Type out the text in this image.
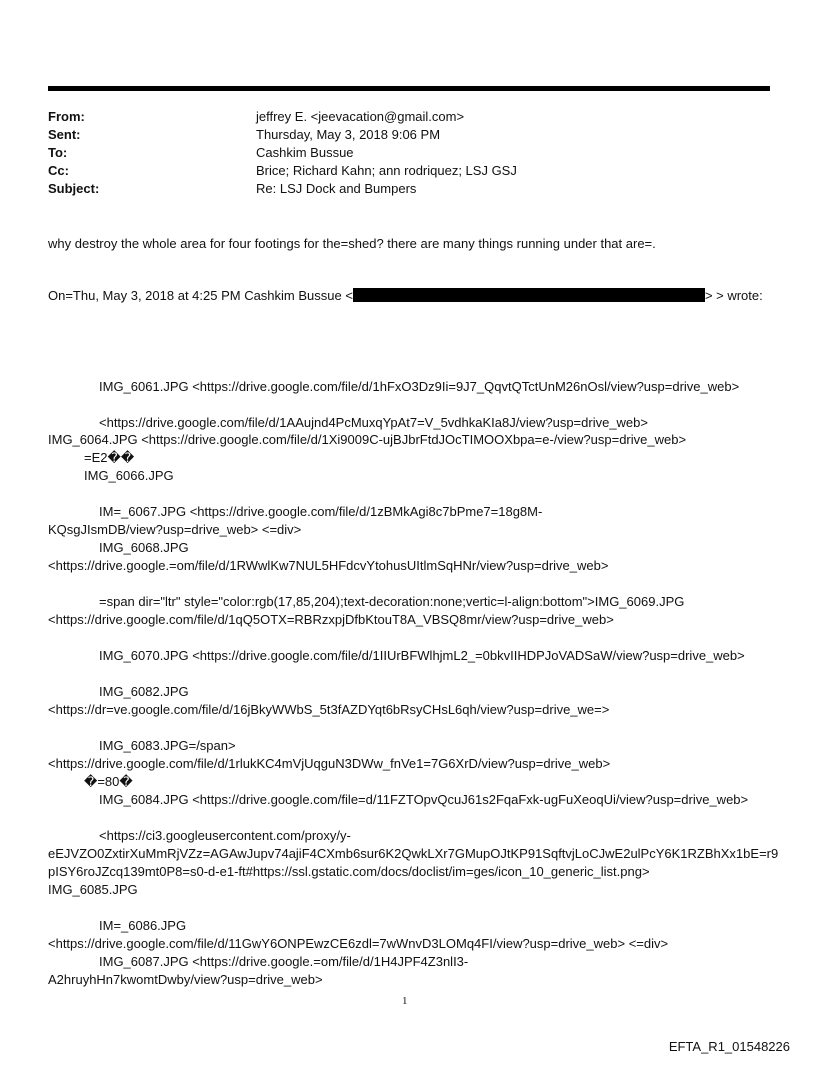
From:	jeffrey E. <jeevacation@gmail.com>
Sent:	Thursday, May 3, 2018 9:06 PM
To:	Cashkim Bussue
Cc:	Brice; Richard Kahn; ann rodriquez; LSJ GSJ
Subject:	Re: LSJ Dock and Bumpers
why destroy the whole area for four footings for the=shed? there are many things running under that are=.
On=Thu, May 3, 2018 at 4:25 PM Cashkim Bussue <	> > wrote:
IMG_6061.JPG <https://drive.google.com/file/d/1hFxO3Dz9Ii=9J7_QqvtQTctUnM26nOsl/view?usp=drive_web>
<https://drive.google.com/file/d/1AAujnd4PcMuxqYpAt7=V_5vdhkaKIa8J/view?usp=drive_web>
IMG_6064.JPG <https://drive.google.com/file/d/1Xi9009C-ujBJbrFtdJOcTIMOOXbpa=e-/view?usp=drive_web>
=E2��
IMG_6066.JPG
IM=_6067.JPG <https://drive.google.com/file/d/1zBMkAgi8c7bPme7=18g8M-
KQsgJIsmDB/view?usp=drive_web> <=div>
IMG_6068.JPG
<https://drive.google.=om/file/d/1RWwlKw7NUL5HFdcvYtohusUItlmSqHNr/view?usp=drive_web>
=span dir="ltr" style="color:rgb(17,85,204);text-decoration:none;vertic=l-align:bottom">IMG_6069.JPG
<https://drive.google.com/file/d/1qQ5OTX=RBRzxpjDfbKtouT8A_VBSQ8mr/view?usp=drive_web>
IMG_6070.JPG <https://drive.google.com/file/d/1IIUrBFWlhjmL2_=0bkvIIHDPJoVADSaW/view?usp=drive_web>
IMG_6082.JPG
<https://dr=ve.google.com/file/d/16jBkyWWbS_5t3fAZDYqt6bRsyCHsL6qh/view?usp=drive_we=>
IMG_6083.JPG=/span>
<https://drive.google.com/file/d/1rlukKC4mVjUqguN3DWw_fnVe1=7G6XrD/view?usp=drive_web>
�=80�
IMG_6084.JPG <https://drive.google.com/file=d/11FZTOpvQcuJ61s2FqaFxk-ugFuXeoqUi/view?usp=drive_web>
<https://ci3.googleusercontent.com/proxy/y-
eEJVZO0ZxtirXuMmRjVZz=AGAwJupv74ajiF4CXmb6sur6K2QwkLXr7GMupOJtKP91SqftvjLoCJwE2ulPcY6K1RZBhXx1bE=r9
pISY6roJZcq139mt0P8=s0-d-e1-ft#https://ssl.gstatic.com/docs/doclist/im=ges/icon_10_generic_list.png>
IMG_6085.JPG
IM=_6086.JPG
<https://drive.google.com/file/d/11GwY6ONPEwzCE6zdl=7wWnvD3LOMq4FI/view?usp=drive_web> <=div>
IMG_6087.JPG <https://drive.google.=om/file/d/1H4JPF4Z3nlI3-
A2hruyhHn7kwomtDwby/view?usp=drive_web>
1
EFTA_R1_01548226
